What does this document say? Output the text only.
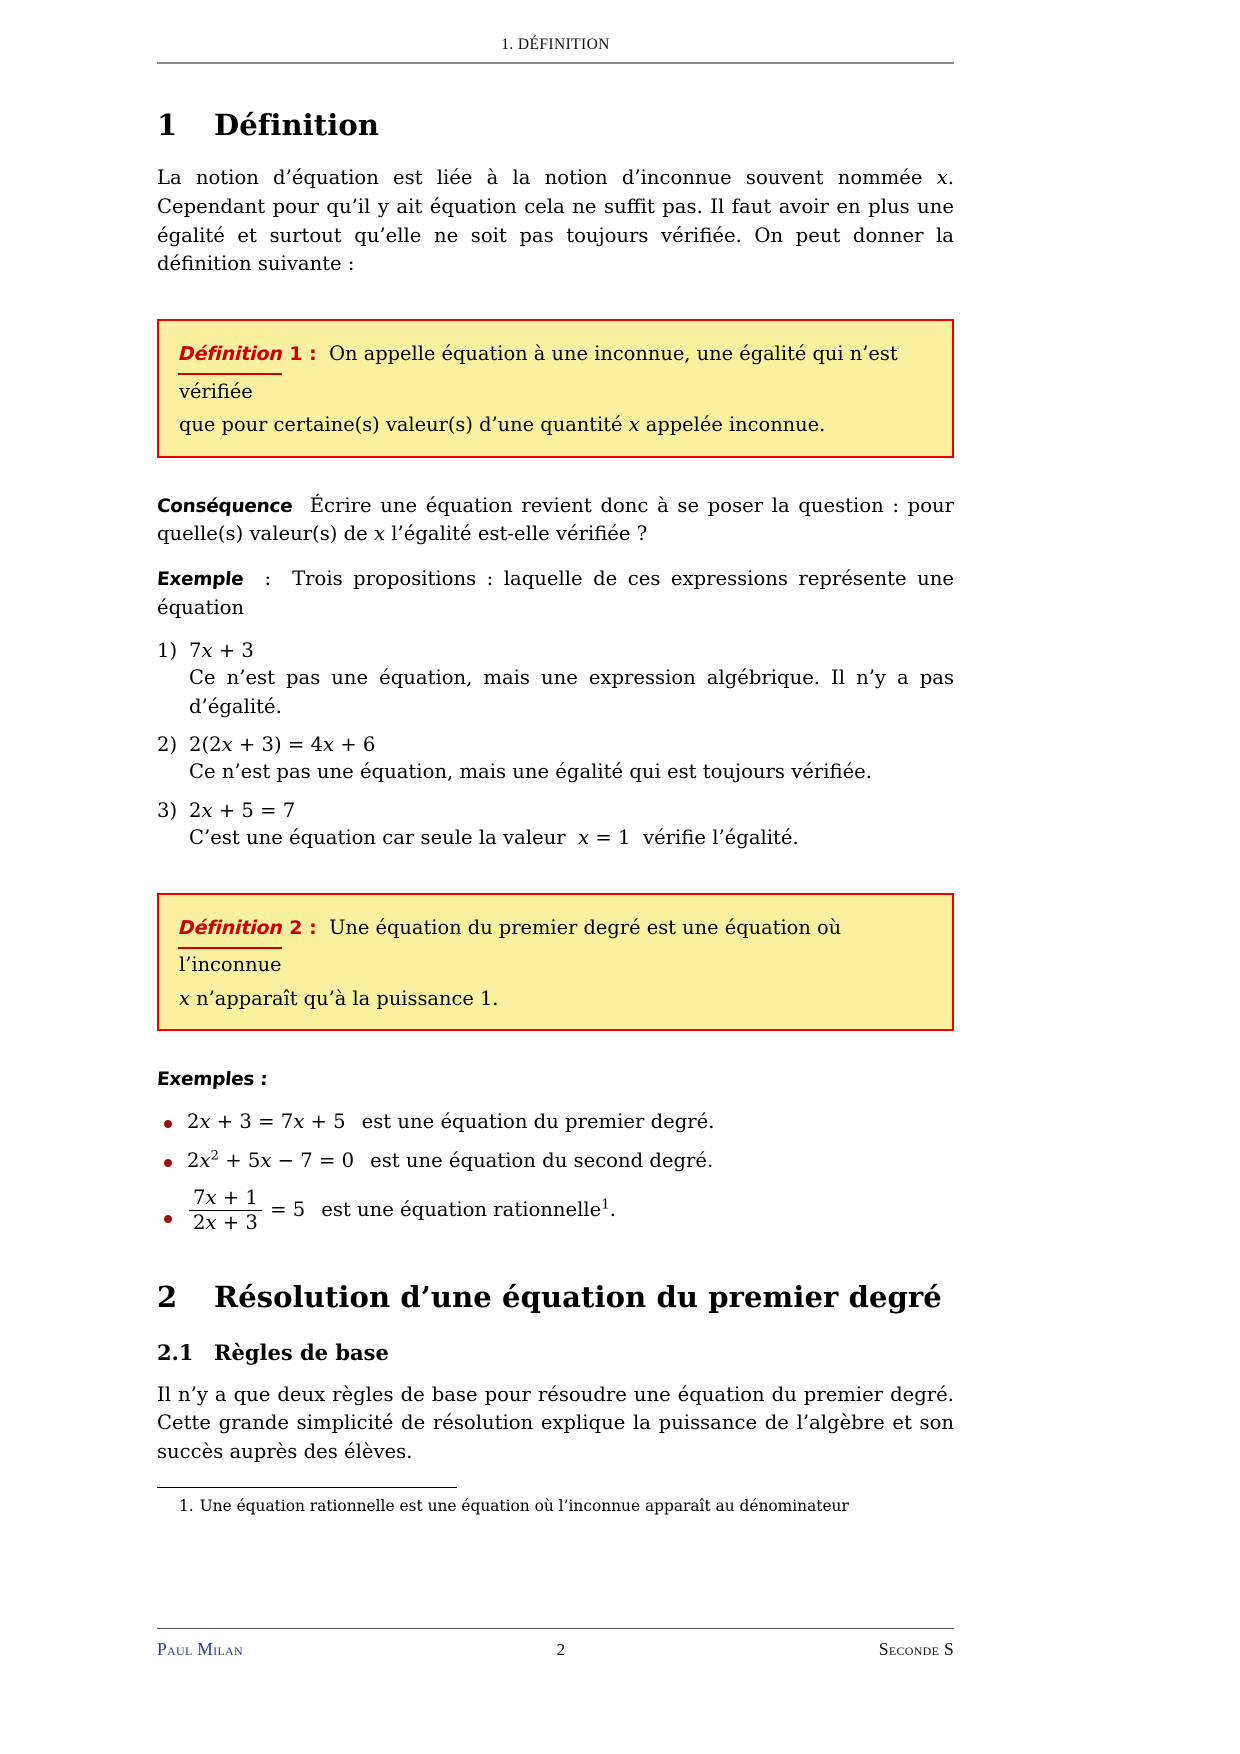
1. DÉFINITION
1 Définition

La notion d’équation est liée à la notion d’inconnue souvent nommée x. Cependant pour qu’il y ait équation cela ne suffit pas. Il faut avoir en plus une égalité et surtout qu’elle ne soit pas toujours vérifiée. On peut donner la définition suivante :

Définition 1 : On appelle équation à une inconnue, une égalité qui n’est vérifiée

que pour certaine(s) valeur(s) d’une quantité x appelée inconnue.

Conséquence  Écrire une équation revient donc à se poser la question : pour quelle(s) valeur(s) de x l’égalité est-elle vérifiée ?

Exemple : Trois propositions : laquelle de ces expressions représente une équation

1) 7x + 3
Ce n’est pas une équation, mais une expression algébrique. Il n’y a pas d’égalité.
2) 2(2x + 3) = 4x + 6
Ce n’est pas une équation, mais une égalité qui est toujours vérifiée.
3) 2x + 5 = 7
C’est une équation car seule la valeur x = 1 vérifie l’égalité.

Définition 2 : Une équation du premier degré est une équation où l’inconnue

x n’apparaît qu’à la puissance 1.

Exemples :

2x + 3 = 7x + 5 est une équation du premier degré.
$2x^2 + 5x - 7 = 0$ est une équation du second degré.
$\frac{7x + 1}{2x + 3} = 5$ est une équation rationnelle$^1$.
2 Résolution d’une équation du premier degré
2.1 Règles de base

Il n’y a que deux règles de base pour résoudre une équation du premier degré. Cette grande simplicité de résolution explique la puissance de l’algèbre et son succès auprès des élèves.

1. Une équation rationnelle est une équation où l’inconnue apparaît au dénominateur

Paul Milan	2	Seconde S
